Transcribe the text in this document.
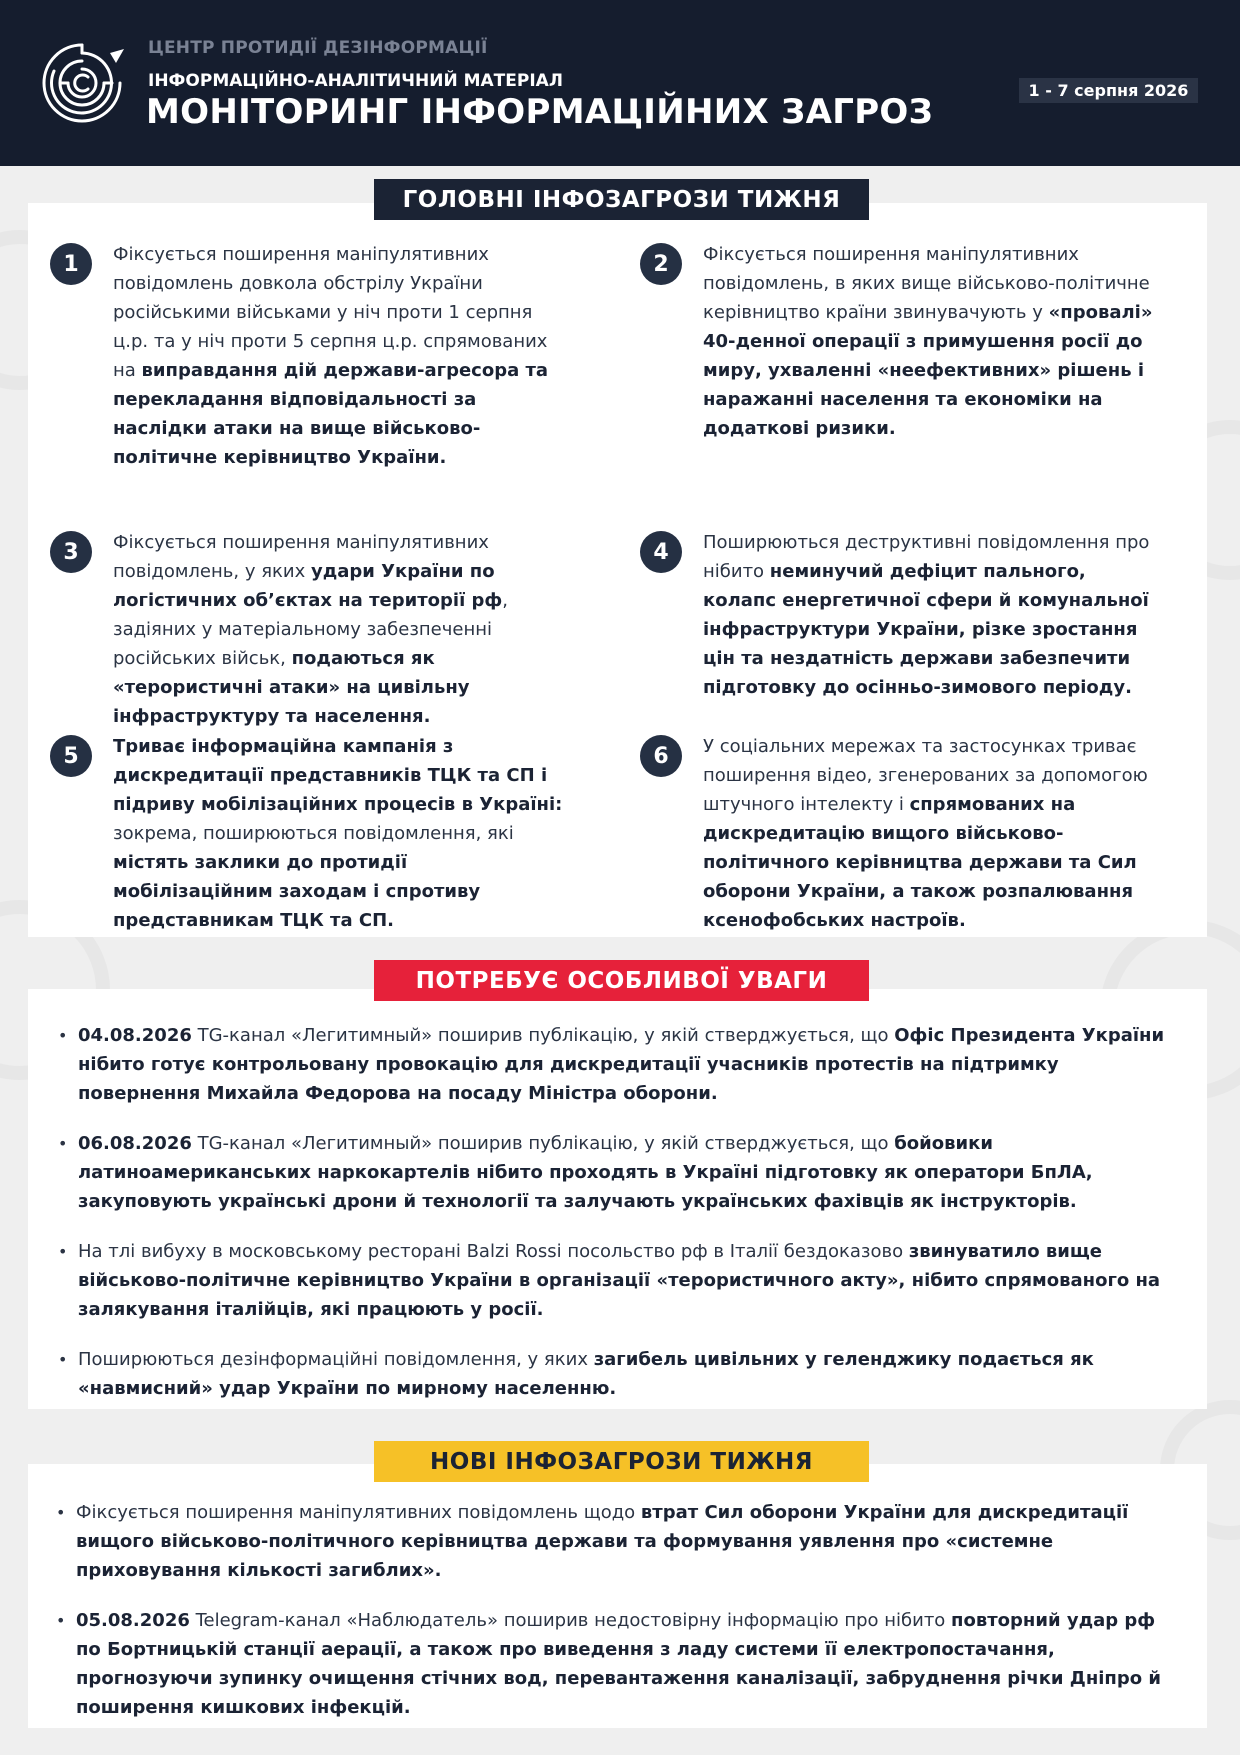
ЦЕНТР ПРОТИДІЇ ДЕЗІНФОРМАЦІЇ
ІНФОРМАЦІЙНО-АНАЛІТИЧНИЙ МАТЕРІАЛ
МОНІТОРИНГ ІНФОРМАЦІЙНИХ ЗАГРОЗ
1 - 7 серпня 2026
ГОЛОВНІ ІНФОЗАГРОЗИ ТИЖНЯ
ПОТРЕБУЄ ОСОБЛИВОЇ УВАГИ
НОВІ ІНФОЗАГРОЗИ ТИЖНЯ
1	Фіксується поширення маніпулятивних повідомлень довкола обстрілу України російськими військами у ніч проти 1 серпня ц.р. та у ніч проти 5 серпня ц.р. спрямованих на виправдання дій держави-агресора та перекладання відповідальності за наслідки атаки на вище військово-політичне керівництво України.
2	Фіксується поширення маніпулятивних повідомлень, в яких вище військово-політичне керівництво країни звинувачують у «провалі» 40-денної операції з примушення росії до миру, ухваленні «неефективних» рішень і наражанні населення та економіки на додаткові ризики.
3	Фіксується поширення маніпулятивних повідомлень, у яких удари України по логістичних об’єктах на території рф, задіяних у матеріальному забезпеченні російських військ, подаються як «терористичні атаки» на цивільну інфраструктуру та населення.
4	Поширюються деструктивні повідомлення про нібито неминучий дефіцит пального, колапс енергетичної сфери й комунальної інфраструктури України, різке зростання цін та нездатність держави забезпечити підготовку до осінньо-зимового періоду.
5	Триває інформаційна кампанія з дискредитації представників ТЦК та СП і підриву мобілізаційних процесів в Україні: зокрема, поширюються повідомлення, які містять заклики до протидії мобілізаційним заходам і спротиву представникам ТЦК та СП.
6	У соціальних мережах та застосунках триває поширення відео, згенерованих за допомогою штучного інтелекту і спрямованих на дискредитацію вищого військово-політичного керівництва держави та Сил оборони України, а також розпалювання ксенофобських настроїв.
• 04.08.2026 TG-канал «Легитимный» поширив публікацію, у якій стверджується, що Офіс Президента України нібито готує контрольовану провокацію для дискредитації учасників протестів на підтримку повернення Михайла Федорова на посаду Міністра оборони.
• 06.08.2026 TG-канал «Легитимный» поширив публікацію, у якій стверджується, що бойовики латиноамериканських наркокартелів нібито проходять в Україні підготовку як оператори БпЛА, закуповують українські дрони й технології та залучають українських фахівців як інструкторів.
• На тлі вибуху в московському ресторані Balzi Rossi посольство рф в Італії бездоказово звинуватило вище військово-політичне керівництво України в організації «терористичного акту», нібито спрямованого на залякування італійців, які працюють у росії.
• Поширюються дезінформаційні повідомлення, у яких загибель цивільних у геленджику подається як «навмисний» удар України по мирному населенню.
• Фіксується поширення маніпулятивних повідомлень щодо втрат Сил оборони України для дискредитації вищого військово-політичного керівництва держави та формування уявлення про «системне приховування кількості загиблих».
• 05.08.2026 Telegram-канал «Наблюдатель» поширив недостовірну інформацію про нібито повторний удар рф по Бортницькій станції аерації, а також про виведення з ладу системи її електропостачання, прогнозуючи зупинку очищення стічних вод, перевантаження каналізації, забруднення річки Дніпро й поширення кишкових інфекцій.
